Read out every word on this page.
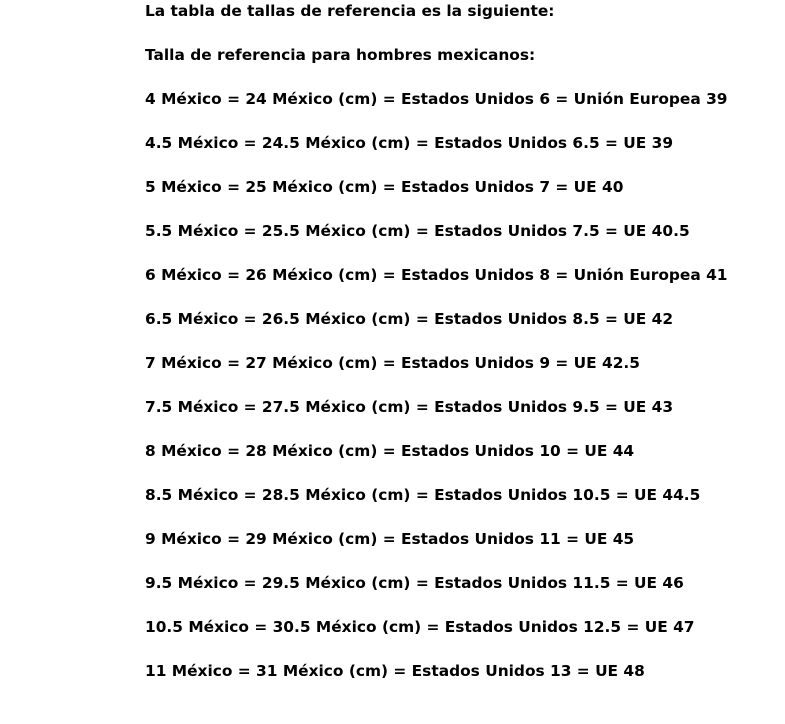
La tabla de tallas de referencia es la siguiente:
Talla de referencia para hombres mexicanos:
4 México = 24 México (cm) = Estados Unidos 6 = Unión Europea 39
4.5 México = 24.5 México (cm) = Estados Unidos 6.5 = UE 39
5 México = 25 México (cm) = Estados Unidos 7 = UE 40
5.5 México = 25.5 México (cm) = Estados Unidos 7.5 = UE 40.5
6 México = 26 México (cm) = Estados Unidos 8 = Unión Europea 41
6.5 México = 26.5 México (cm) = Estados Unidos 8.5 = UE 42
7 México = 27 México (cm) = Estados Unidos 9 = UE 42.5
7.5 México = 27.5 México (cm) = Estados Unidos 9.5 = UE 43
8 México = 28 México (cm) = Estados Unidos 10 = UE 44
8.5 México = 28.5 México (cm) = Estados Unidos 10.5 = UE 44.5
9 México = 29 México (cm) = Estados Unidos 11 = UE 45
9.5 México = 29.5 México (cm) = Estados Unidos 11.5 = UE 46
10.5 México = 30.5 México (cm) = Estados Unidos 12.5 = UE 47
11 México = 31 México (cm) = Estados Unidos 13 = UE 48
